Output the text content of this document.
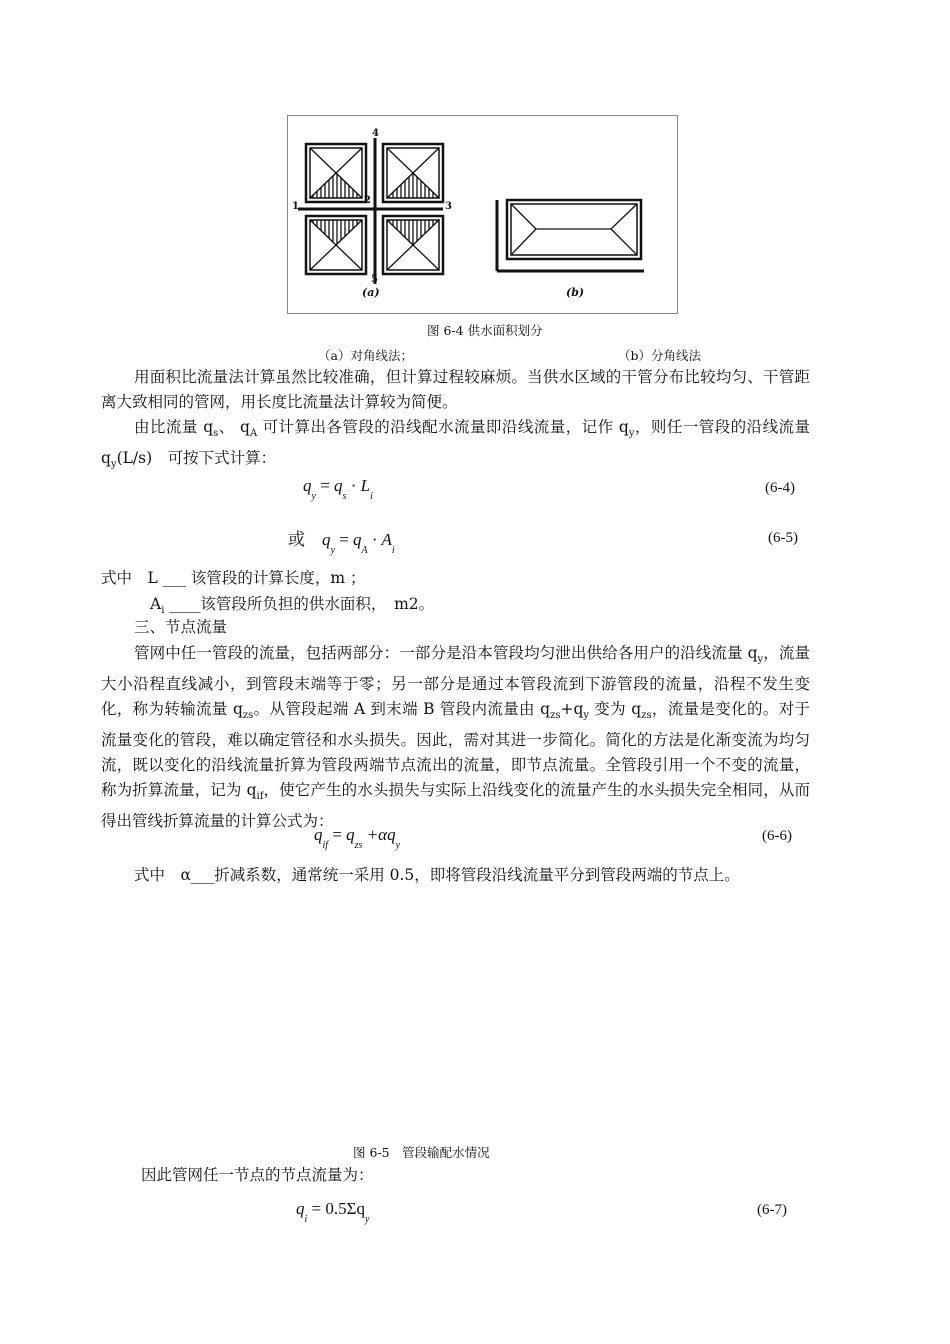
1
2
3
4
5
(a)	(b)
图 6-4 供水面积划分
（a）对角线法；	（b）分角线法
用面积比流量法计算虽然比较准确，但计算过程较麻烦。当供水区域的干管分布比较均匀、干管距离大致相同的管网，用长度比流量法计算较为简便。
由比流量 $q_s$、 $q_A$ 可计算出各管段的沿线配水流量即沿线流量，记作 $q_y$，则任一管段的沿线流量 $q_y(L/s)$　可按下式计算：
$q_y = q_s \cdot L_i$
(6-4)
或 $q_y = q_A \cdot A_i$
(6-5)
式中　L ___ 该管段的计算长度，m ；
$A_i$ ____该管段所负担的供水面积，　m2。
三、节点流量
管网中任一管段的流量，包括两部分：一部分是沿本管段均匀泄出供给各用户的沿线流量 $q_y$，流量大小沿程直线减小，到管段末端等于零；另一部分是通过本管段流到下游管段的流量，沿程不发生变化，称为转输流量 $q_{zs}$。从管段起端 A 到末端 B 管段内流量由 $q_{zs}+q_y$ 变为 $q_{zs}$，流量是变化的。对于流量变化的管段，难以确定管径和水头损失。因此，需对其进一步简化。简化的方法是化渐变流为均匀流，既以变化的沿线流量折算为管段两端节点流出的流量，即节点流量。全管段引用一个不变的流量，称为折算流量，记为 $q_{if}$，使它产生的水头损失与实际上沿线变化的流量产生的水头损失完全相同，从而得出管线折算流量的计算公式为：
$q_{if} = q_{zs} +\alpha q_y$
(6-6)
式中　α___折减系数，通常统一采用 0.5，即将管段沿线流量平分到管段两端的节点上。
图 6-5　管段输配水情况
因此管网任一节点的节点流量为：
$q_i = 0.5\Sigma q_y$
(6-7)
